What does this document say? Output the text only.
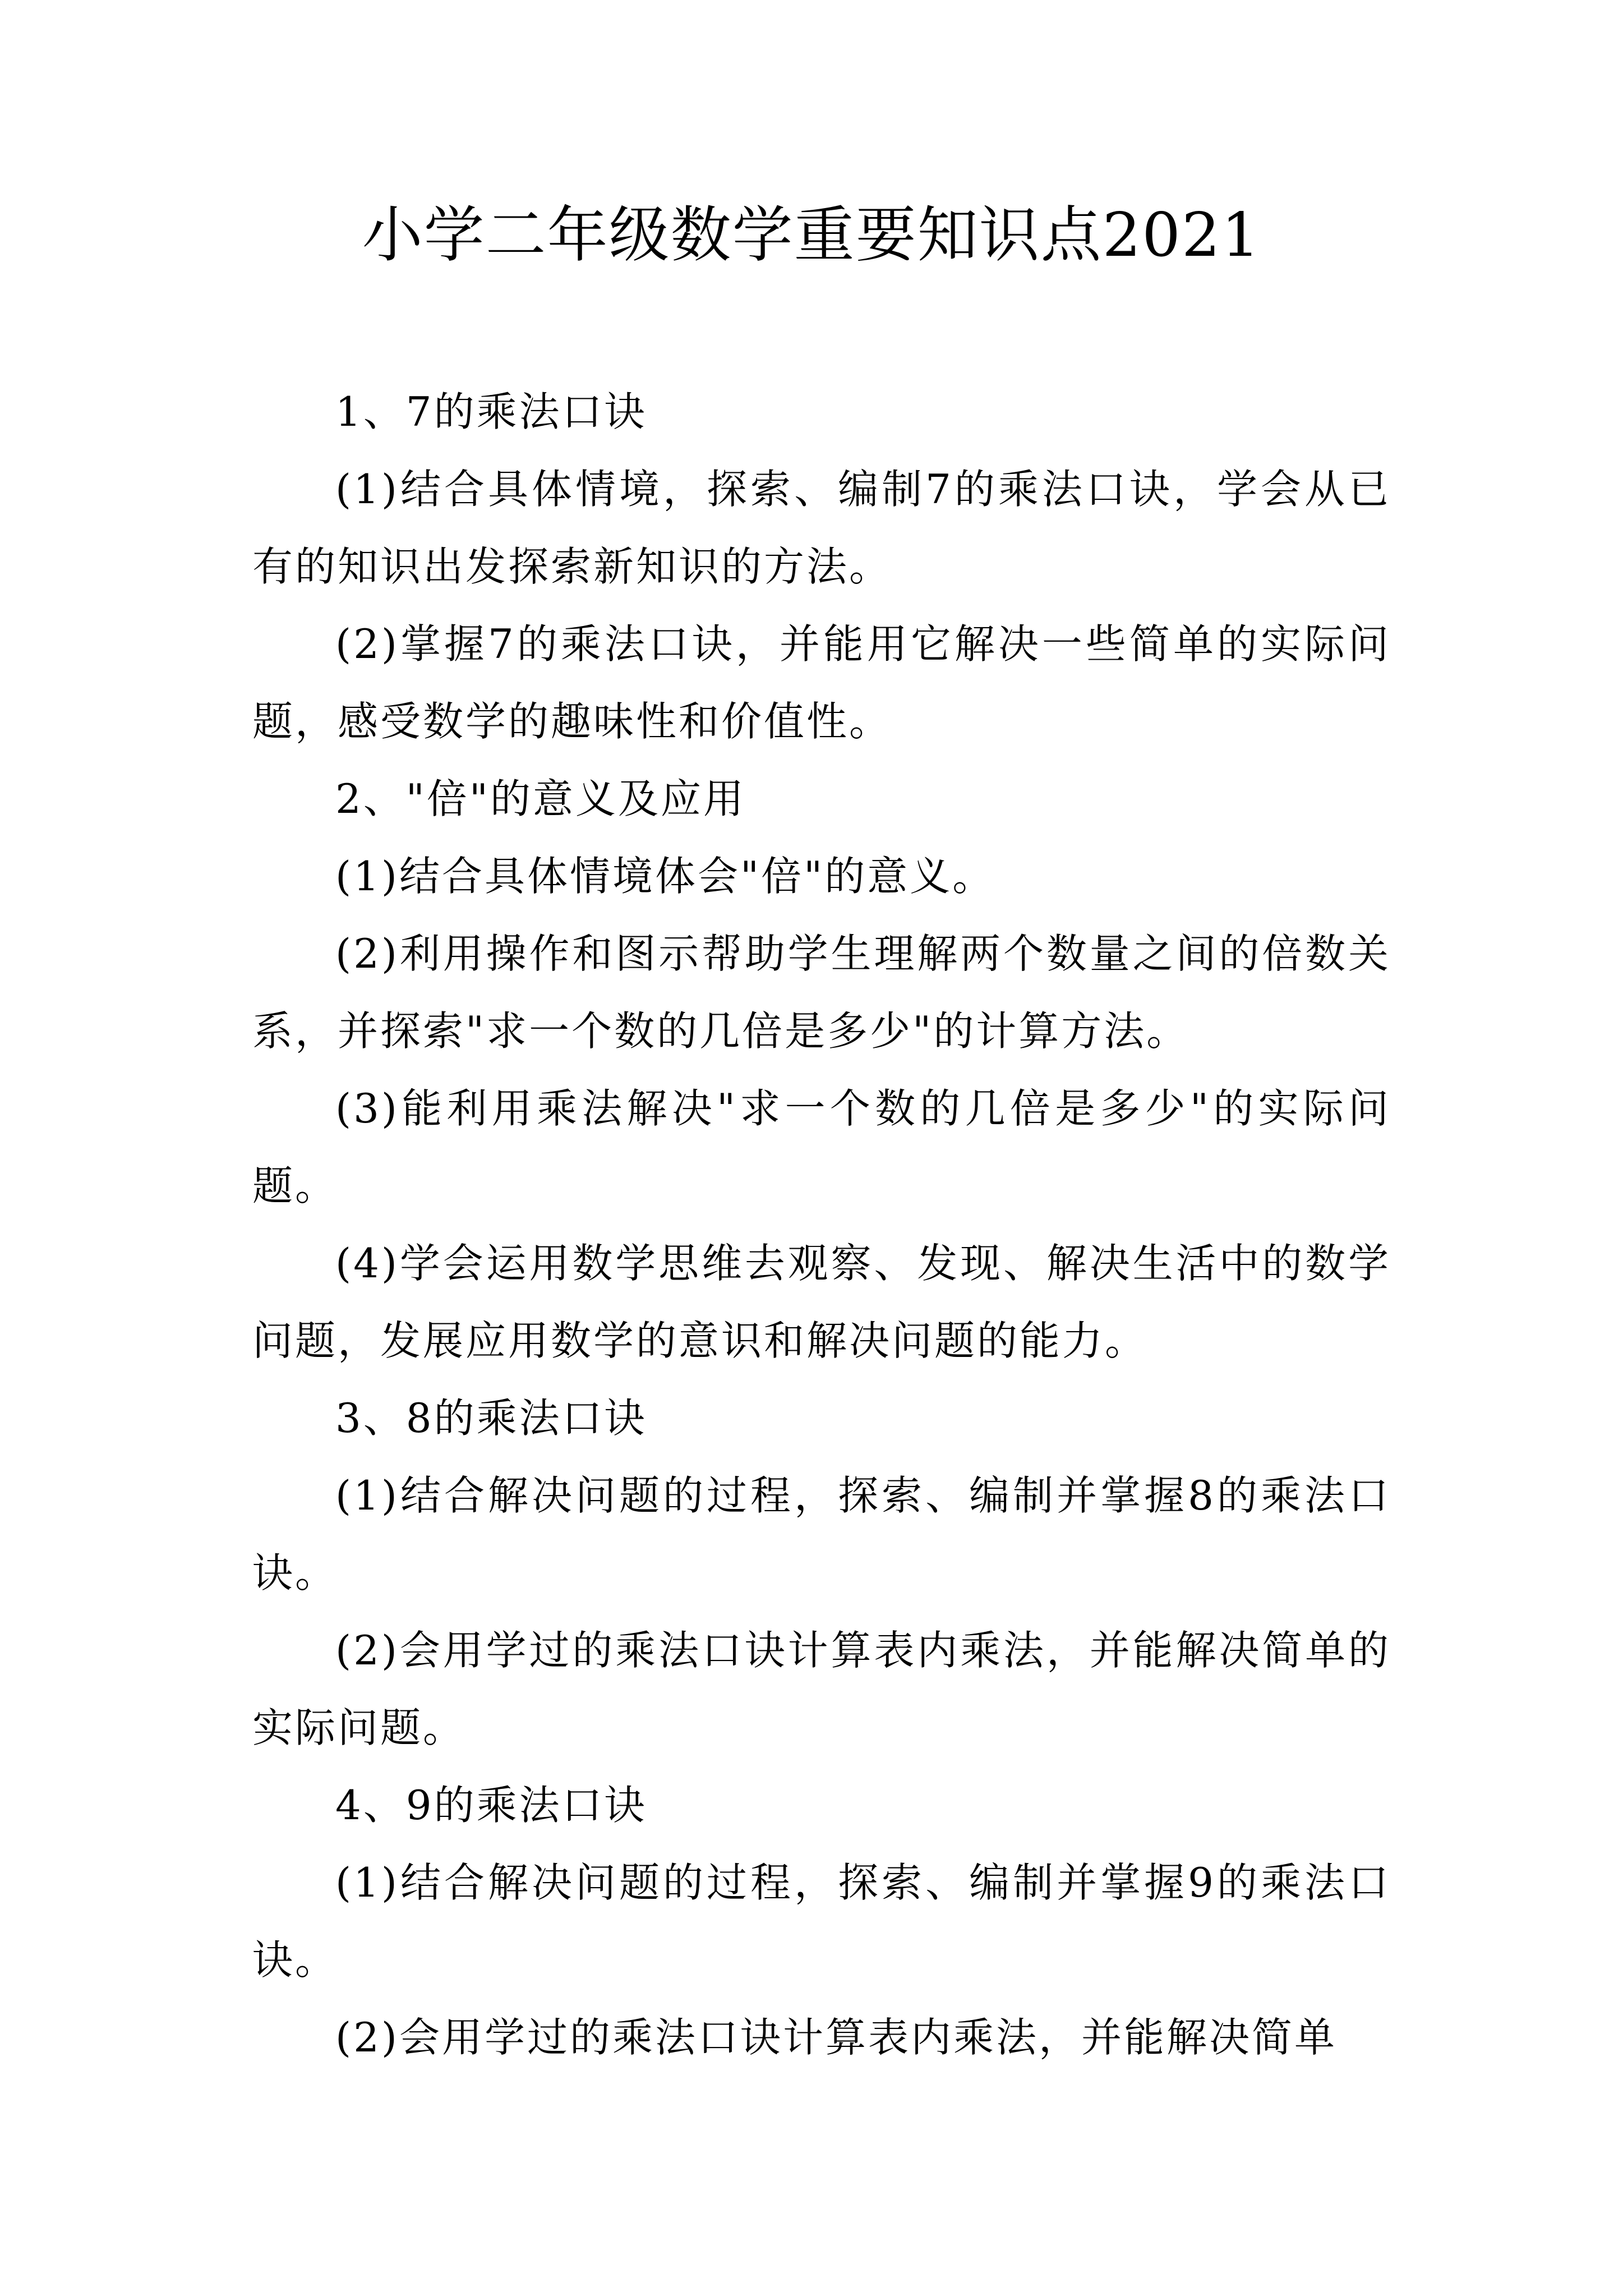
小学二年级数学重要知识点2021

1、7的乘法口诀

(1)结合具体情境，探索、编制7的乘法口诀，学会从已有的知识出发探索新知识的方法。

(2)掌握7的乘法口诀，并能用它解决一些简单的实际问题，感受数学的趣味性和价值性。

2、"倍"的意义及应用

(1)结合具体情境体会"倍"的意义。

(2)利用操作和图示帮助学生理解两个数量之间的倍数关系，并探索"求一个数的几倍是多少"的计算方法。

(3)能利用乘法解决"求一个数的几倍是多少"的实际问题。

(4)学会运用数学思维去观察、发现、解决生活中的数学问题，发展应用数学的意识和解决问题的能力。

3、8的乘法口诀

(1)结合解决问题的过程，探索、编制并掌握8的乘法口诀。

(2)会用学过的乘法口诀计算表内乘法，并能解决简单的实际问题。

4、9的乘法口诀

(1)结合解决问题的过程，探索、编制并掌握9的乘法口诀。

(2)会用学过的乘法口诀计算表内乘法，并能解决简单
